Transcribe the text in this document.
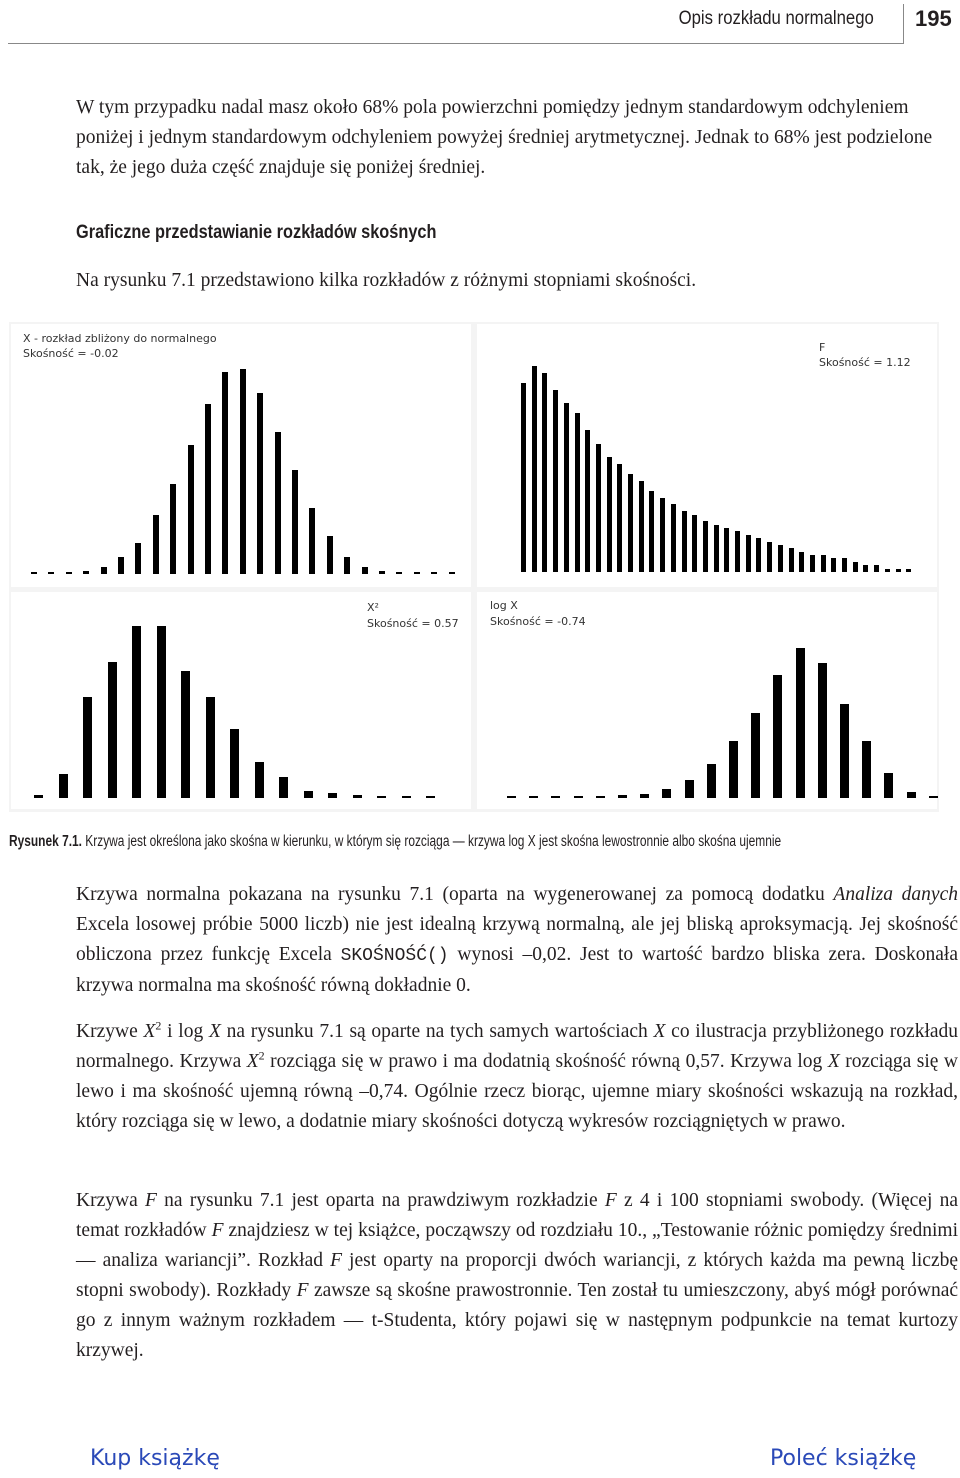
Opis rozkładu normalnego 195

W tym przypadku nadal masz około 68% pola powierzchni pomiędzy jednym standardowym odchyleniem poniżej i jednym standardowym odchyleniem powyżej średniej arytmetycznej. Jednak to 68% jest podzielone tak, że jego duża część znajduje się poniżej średniej.

Graficzne przedstawianie rozkładów skośnych

Na rysunku 7.1 przedstawiono kilka rozkładów z różnymi stopniami skośności.

X - rozkład zbliżony do normalnego
Skośność = -0.02	F
Skośność = 1.12
X²
Skośność = 0.57
log X
Skośność = -0.74
Rysunek 7.1. Krzywa jest określona jako skośna w kierunku, w którym się rozciąga — krzywa log X jest skośna lewostronnie albo skośna ujemnie

Krzywa normalna pokazana na rysunku 7.1 (oparta na wygenerowanej za pomocą dodatku Analiza danych Excela losowej próbie 5000 liczb) nie jest idealną krzywą normalną, ale jej bliską aproksymacją. Jej skośność obliczona przez funkcję Excela SKOŚNOŚĆ() wynosi –0,02. Jest to wartość bardzo bliska zera. Doskonała krzywa normalna ma skośność równą dokładnie 0.

Krzywe $X^2$ i log X na rysunku 7.1 są oparte na tych samych wartościach X co ilustracja przybliżonego rozkładu normalnego. Krzywa $X^2$ rozciąga się w prawo i ma dodatnią skośność równą 0,57. Krzywa log X rozciąga się w lewo i ma skośność ujemną równą –0,74. Ogólnie rzecz biorąc, ujemne miary skośności wskazują na rozkład, który rozciąga się w lewo, a dodatnie miary skośności dotyczą wykresów rozciągniętych w prawo.

Krzywa F na rysunku 7.1 jest oparta na prawdziwym rozkładzie F z 4 i 100 stopniami swobody. (Więcej na temat rozkładów F znajdziesz w tej książce, począwszy od rozdziału 10., „Testowanie różnic pomiędzy średnimi — analiza wariancji”. Rozkład F jest oparty na proporcji dwóch wariancji, z których każda ma pewną liczbę stopni swobody). Rozkłady F zawsze są skośne prawostronnie. Ten został tu umieszczony, abyś mógł porównać go z innym ważnym rozkładem — t-Studenta, który pojawi się w następnym podpunkcie na temat kurtozy krzywej.

Kup książkę	Poleć książkę
